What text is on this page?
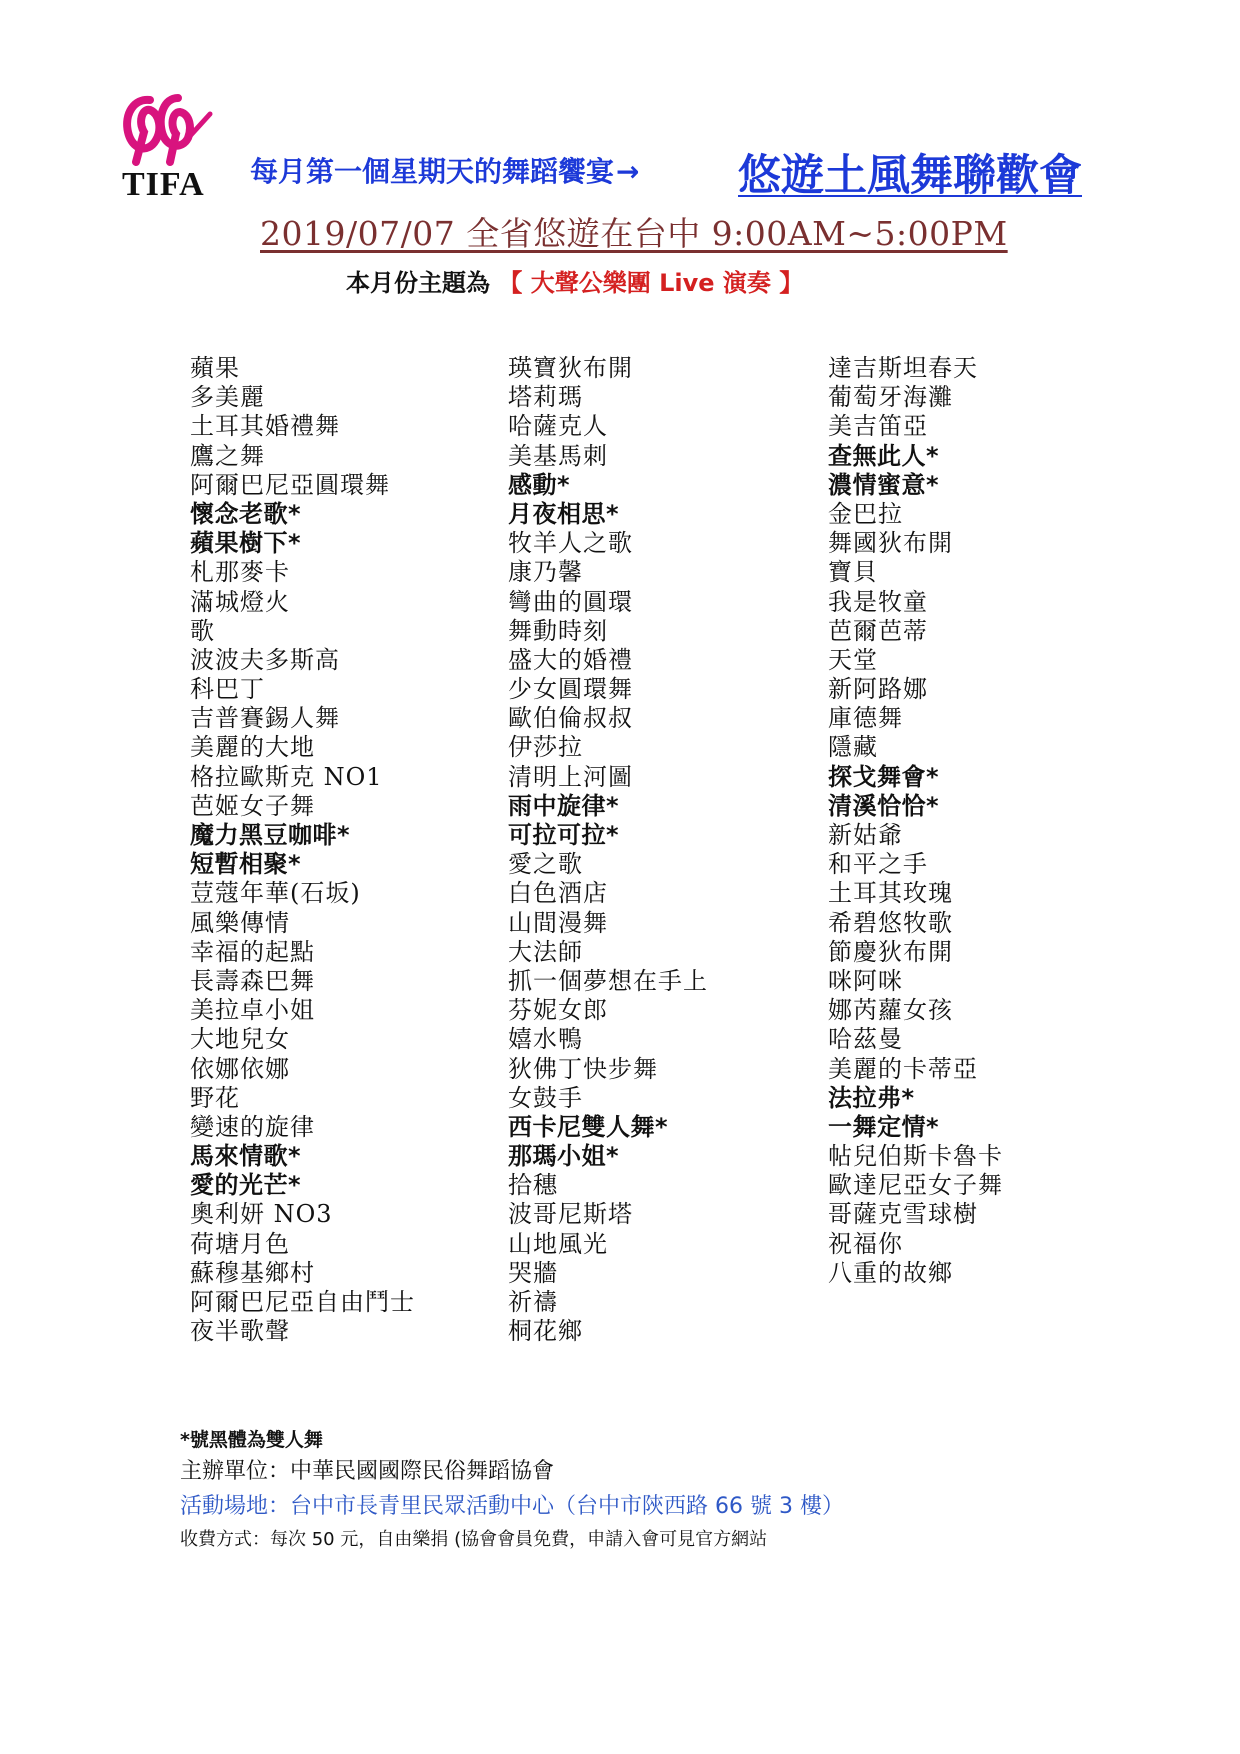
TIFA 每月第一個星期天的舞蹈饗宴→ 悠遊土風舞聯歡會
2019/07/07 全省悠遊在台中 9:00AM~5:00PM
本月份主題為 【 大聲公樂團 Live 演奏 】
蘋果
多美麗
土耳其婚禮舞
鷹之舞
阿爾巴尼亞圓環舞
懷念老歌*
蘋果樹下*
札那麥卡
滿城燈火
歌
波波夫多斯高
科巴丁
吉普賽錫人舞
美麗的大地
格拉歐斯克 NO1
芭姬女子舞
魔力黑豆咖啡*
短暫相聚*
荳蔻年華(石坂)
風樂傳情
幸福的起點
長壽森巴舞
美拉卓小姐
大地兒女
依娜依娜
野花
變速的旋律
馬來情歌*
愛的光芒*
奧利妍 NO3
荷塘月色
蘇穆基鄉村
阿爾巴尼亞自由鬥士
夜半歌聲
瑛寶狄布開
塔莉瑪
哈薩克人
美基馬刺
感動*
月夜相思*
牧羊人之歌
康乃馨
彎曲的圓環
舞動時刻
盛大的婚禮
少女圓環舞
歐伯倫叔叔
伊莎拉
清明上河圖
雨中旋律*
可拉可拉*
愛之歌
白色酒店
山間漫舞
大法師
抓一個夢想在手上
芬妮女郎
嬉水鴨
狄佛丁快步舞
女鼓手
西卡尼雙人舞*
那瑪小姐*
拾穗
波哥尼斯塔
山地風光
哭牆
祈禱
桐花鄉
達吉斯坦春天
葡萄牙海灘
美吉笛亞
查無此人*
濃情蜜意*
金巴拉
舞國狄布開
寶貝
我是牧童
芭爾芭蒂
天堂
新阿路娜
庫德舞
隱藏
探戈舞會*
清溪恰恰*
新姑爺
和平之手
土耳其玫瑰
希碧悠牧歌
節慶狄布開
咪阿咪
娜芮蘿女孩
哈茲曼
美麗的卡蒂亞
法拉弗*
一舞定情*
帖兒伯斯卡魯卡
歐達尼亞女子舞
哥薩克雪球樹
祝福你
八重的故鄉
*號黑體為雙人舞
主辦單位：中華民國國際民俗舞蹈協會
活動場地：台中市長青里民眾活動中心（台中市陝西路 66 號 3 樓）
收費方式：每次 50 元，自由樂捐 (協會會員免費，申請入會可見官方網站
